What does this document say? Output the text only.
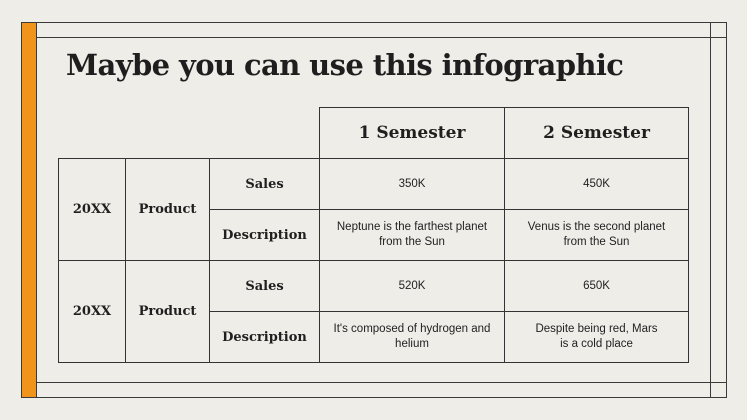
Maybe you can use this infographic
			1 Semester	2 Semester
20XX	Product	Sales	350K	450K
		Description	Neptune is the farthest planet from the Sun	Venus is the second planet from the Sun

20XX	Product	Sales	520K	650K
		Description	It's composed of hydrogen and helium	Despite being red, Mars is a cold place
